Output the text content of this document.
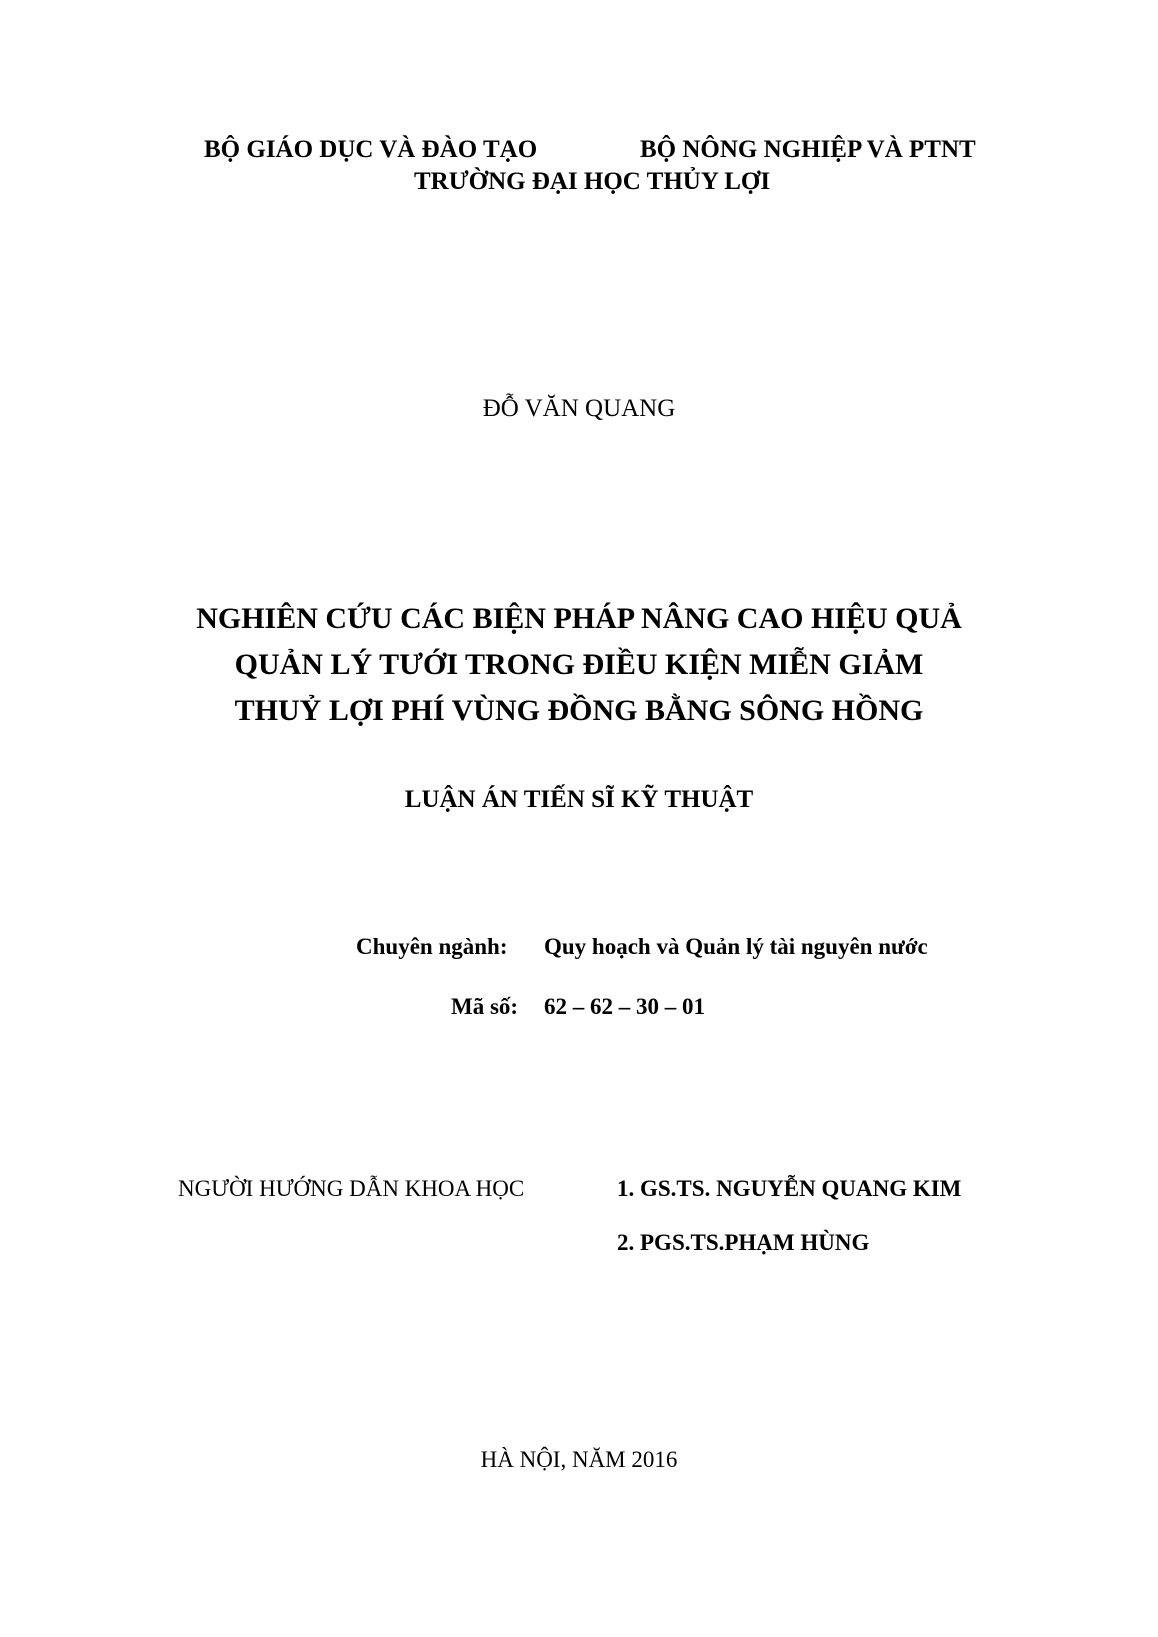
BỘ GIÁO DỤC VÀ ĐÀO TẠO	BỘ NÔNG NGHIỆP VÀ PTNT
TRƯỜNG ĐẠI HỌC THỦY LỢI
ĐỖ VĂN QUANG
NGHIÊN CỨU CÁC BIỆN PHÁP NÂNG CAO HIỆU QUẢ
QUẢN LÝ TƯỚI TRONG ĐIỀU KIỆN MIỄN GIẢM
THUỶ LỢI PHÍ VÙNG ĐỒNG BẰNG SÔNG HỒNG
LUẬN ÁN TIẾN SĨ KỸ THUẬT
Chuyên ngành: Quy hoạch và Quản lý tài nguyên nước
Mã số: 62 – 62 – 30 – 01
NGƯỜI HƯỚNG DẪN KHOA HỌC	1. GS.TS. NGUYỄN QUANG KIM
2. PGS.TS.PHẠM HÙNG
HÀ NỘI, NĂM 2016
